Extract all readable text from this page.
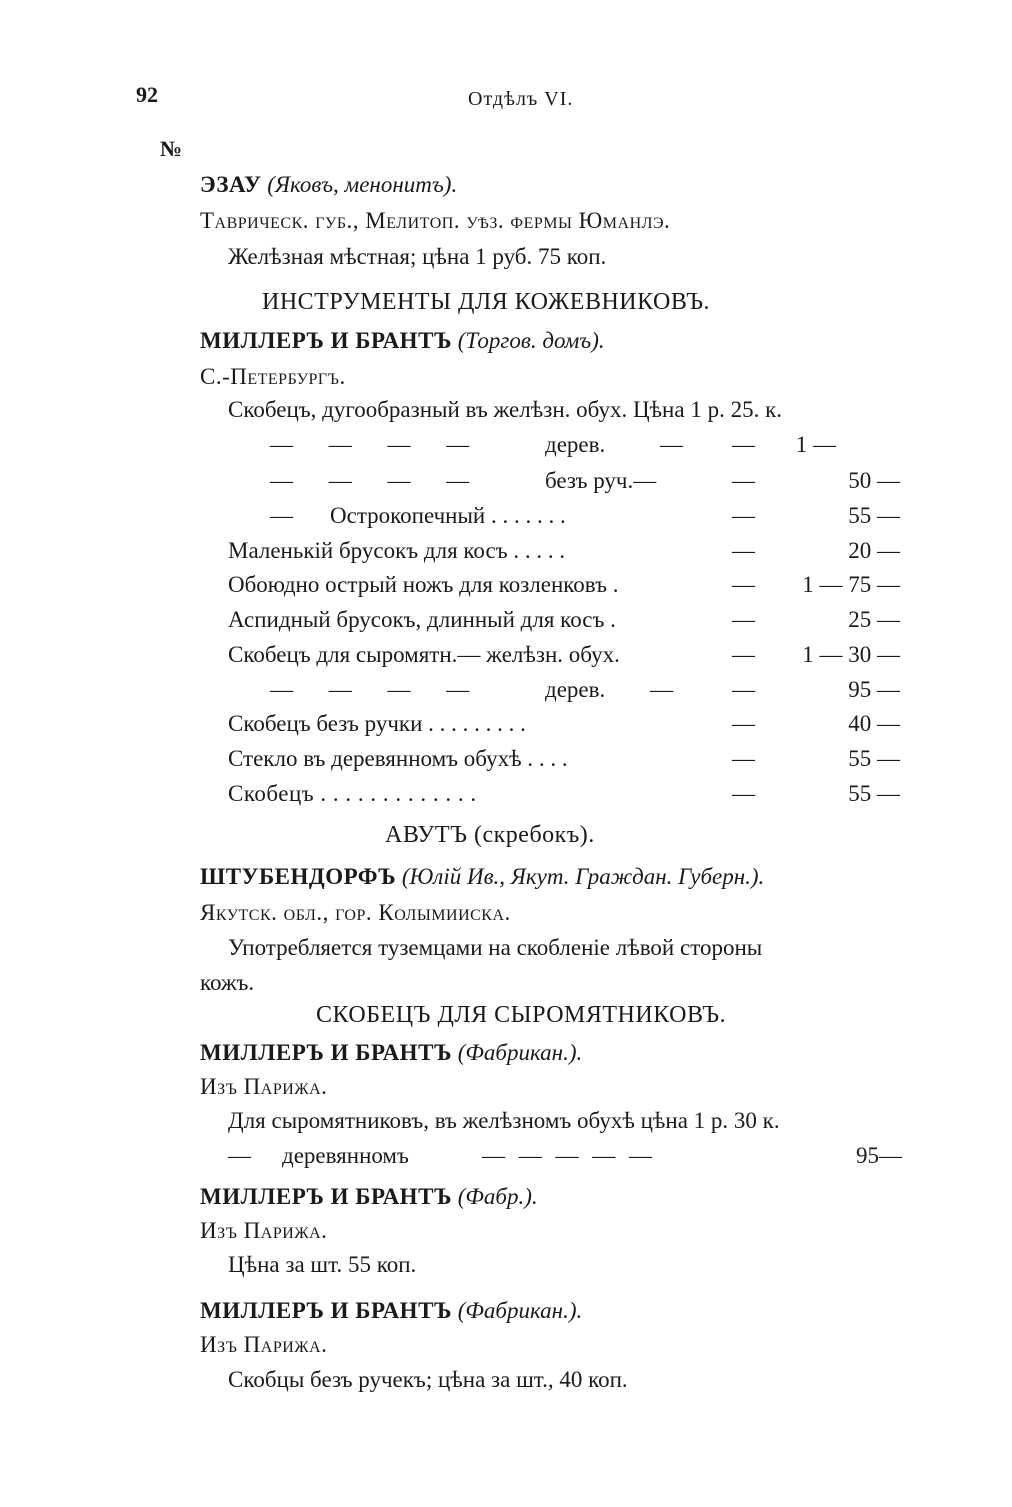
92	Отдѣлъ VI.
№
ЭЗАУ (Яковъ, менонитъ).
Таврическ. губ., Мелитоп. уѣз. фермы Юманлэ.
Желѣзная мѣстная; цѣна 1 руб. 75 коп.
ИНСТРУМЕНТЫ ДЛЯ КОЖЕВНИКОВЪ.
МИЛЛЕРЪ И БРАНТЪ (Торгов. домъ).
С.-Петербургъ.
Скобецъ, дугообразный въ желѣзн. обух. Цѣна 1 р. 25. к.
— — — —	дерев. — —	1 —
— — — —	безъ руч.—	—	50 —
— Острокопечный . . . . . . .	—	55 —
Маленькій брусокъ для косъ . . . . .	—	20 —
Обоюдно острый ножъ для козленковъ .	—	1 — 75 —
Аспидный брусокъ, длинный для косъ .	—	25 —
Скобецъ для сыромятн.— желѣзн. обух.	—	1 — 30 —
— — — —	дерев. —	—	95 —
Скобецъ безъ ручки . . . . . . . . .	—	40 —
Стекло въ деревянномъ обухѣ . . . .	—	55 —
Скобецъ . . . . . . . . . . . . .	—	55 —
АВУТЪ (скребокъ).
ШТУБЕНДОРФЪ (Юлій Ив., Якут. Граждан. Губерн.).
Якутск. обл., гор. Колымииска.
Употребляется туземцами на скобленіе лѣвой стороны
кожъ.
СКОБЕЦЪ ДЛЯ СЫРОМЯТНИКОВЪ.
МИЛЛЕРЪ И БРАНТЪ (Фабрикан.).
Изъ Парижа.
Для сыромятниковъ, въ желѣзномъ обухѣ цѣна 1 р. 30 к.
— деревянномъ	— — — — —	95—
МИЛЛЕРЪ И БРАНТЪ (Фабр.).
Изъ Парижа.
Цѣна за шт. 55 коп.
МИЛЛЕРЪ И БРАНТЪ (Фабрикан.).
Изъ Парижа.
Скобцы безъ ручекъ; цѣна за шт., 40 коп.
